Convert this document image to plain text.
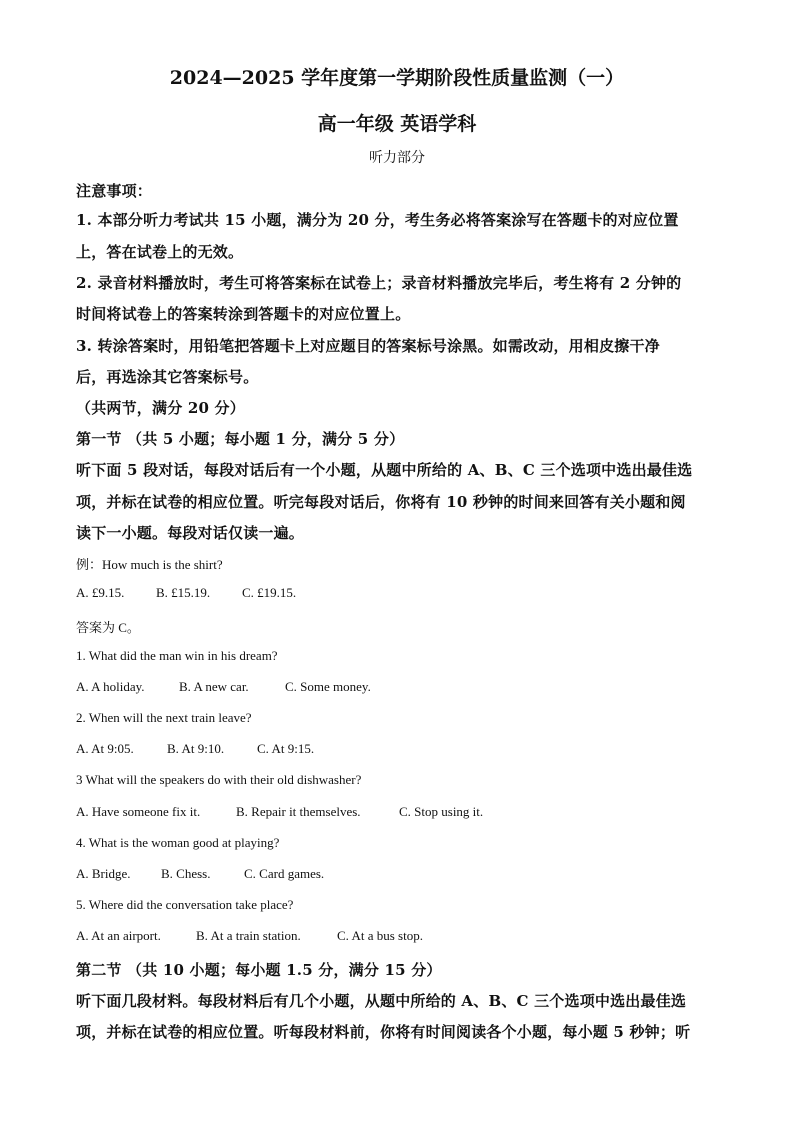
2024—2025 学年度第一学期阶段性质量监测（一）
高一年级 英语学科
听力部分
注意事项：
1. 本部分听力考试共 15 小题，满分为 20 分，考生务必将答案涂写在答题卡的对应位置
上，答在试卷上的无效。
2. 录音材料播放时，考生可将答案标在试卷上；录音材料播放完毕后，考生将有 2 分钟的
时间将试卷上的答案转涂到答题卡的对应位置上。
3. 转涂答案时，用铅笔把答题卡上对应题目的答案标号涂黑。如需改动，用相皮擦干净
后，再选涂其它答案标号。
（共两节，满分 20 分）
第一节 （共 5 小题；每小题 1 分，满分 5 分）
听下面 5 段对话，每段对话后有一个小题，从题中所给的 A、B、C 三个选项中选出最佳选
项，并标在试卷的相应位置。听完每段对话后，你将有 10 秒钟的时间来回答有关小题和阅
读下一小题。每段对话仅读一遍。
例：How much is the shirt?
A. £9.15. B. £15.19. C. £19.15.
答案为 C。
1. What did the man win in his dream?
A. A holiday.	B. A new car.	C. Some money.
2. When will the next train leave?
A. At 9:05.	B. At 9:10.	C. At 9:15.
3 What will the speakers do with their old dishwasher?
A. Have someone fix it.	B. Repair it themselves.	C. Stop using it.
4. What is the woman good at playing?
A. Bridge. B. Chess.	C. Card games.
5. Where did the conversation take place?
A. At an airport.	B. At a train station.	C. At a bus stop.
第二节 （共 10 小题；每小题 1.5 分，满分 15 分）
听下面几段材料。每段材料后有几个小题，从题中所给的 A、B、C 三个选项中选出最佳选
项，并标在试卷的相应位置。听每段材料前，你将有时间阅读各个小题，每小题 5 秒钟；听
